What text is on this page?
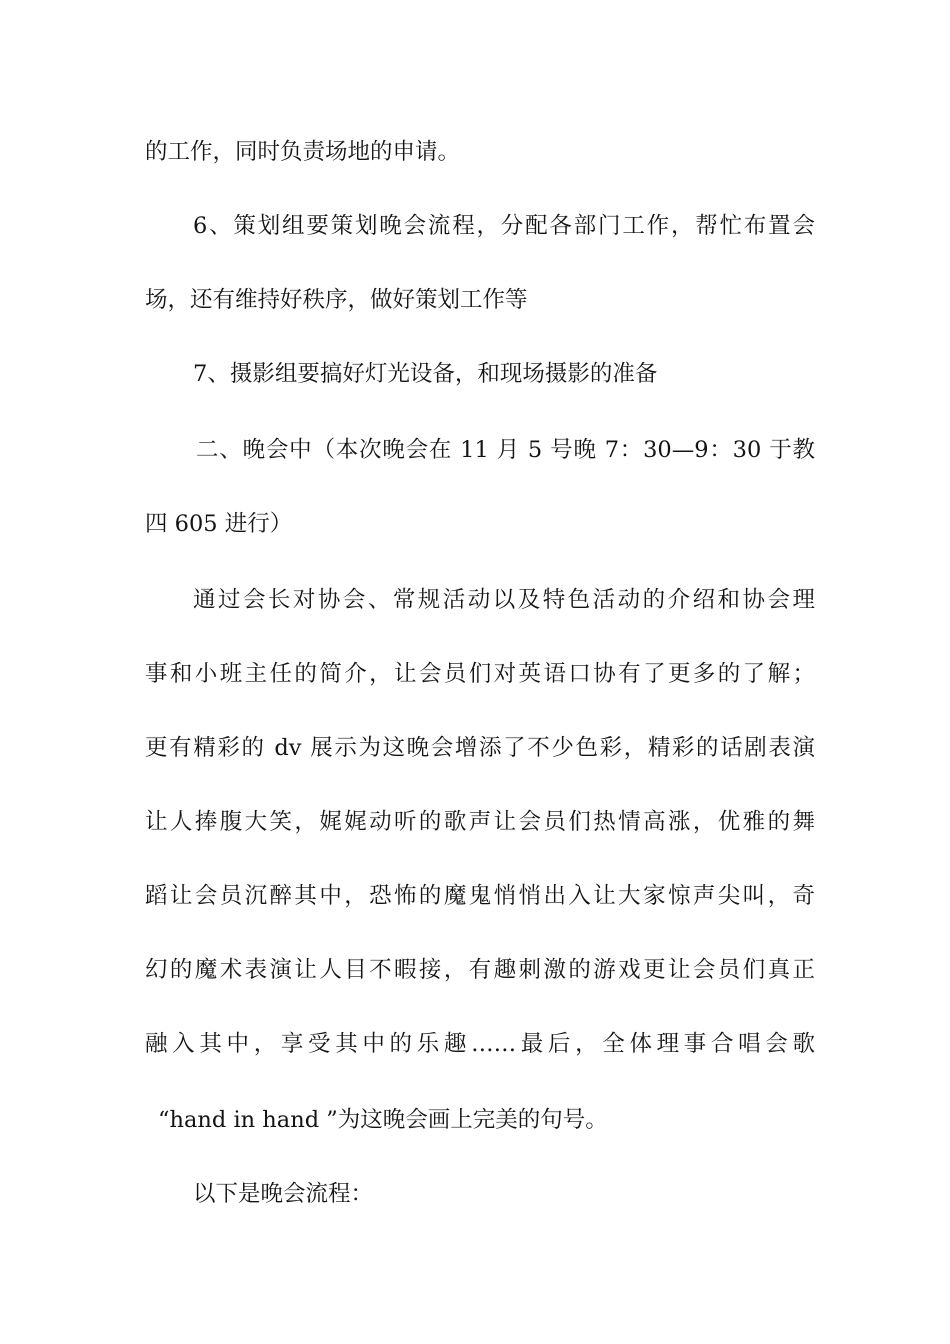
的工作，同时负责场地的申请。
6、策划组要策划晚会流程，分配各部门工作，帮忙布置会
场，还有维持好秩序，做好策划工作等
7、摄影组要搞好灯光设备，和现场摄影的准备
二、晚会中（本次晚会在 11 月 5 号晚 7：30—9：30 于教
四 605 进行）
通过会长对协会、常规活动以及特色活动的介绍和协会理
事和小班主任的简介，让会员们对英语口协有了更多的了解；
更有精彩的 dv 展示为这晚会增添了不少色彩，精彩的话剧表演
让人捧腹大笑，娓娓动听的歌声让会员们热情高涨，优雅的舞
蹈让会员沉醉其中，恐怖的魔鬼悄悄出入让大家惊声尖叫，奇
幻的魔术表演让人目不暇接，有趣刺激的游戏更让会员们真正
融入其中，享受其中的乐趣……最后，全体理事合唱会歌
“hand in hand ”为这晚会画上完美的句号。
以下是晚会流程：
